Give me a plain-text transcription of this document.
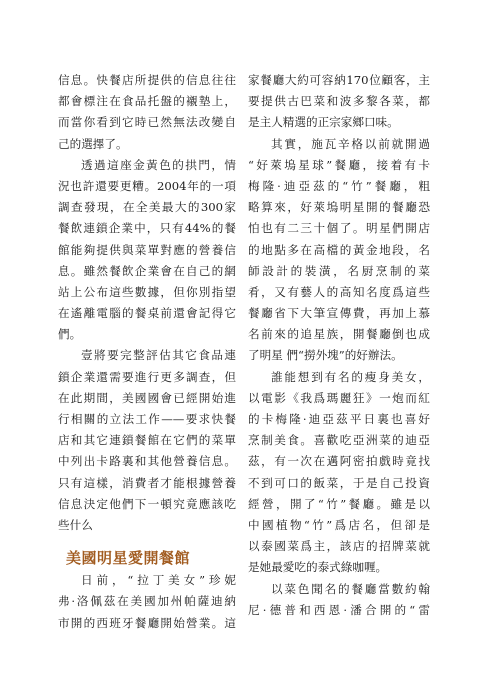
信息。快餐店所提供的信息往往
都會標注在食品托盤的襯墊上，
而當你看到它時已然無法改變自
己的選擇了。
透過這座金黃色的拱門，情
況也許還要更糟。2004年的一項
調查發現，在全美最大的300家
餐飲連鎖企業中，只有44%的餐
館能夠提供與菜單對應的營養信
息。雖然餐飲企業會在自己的網
站上公布這些數據，但你別指望
在遙離電腦的餐桌前還會記得它
們。
壹將要完整評估其它食品連
鎖企業還需要進行更多調查，但
在此期間，美國國會已經開始進
行相關的立法工作——要求快餐
店和其它連鎖餐館在它們的菜單
中列出卡路裏和其他營養信息。
只有這樣，消費者才能根據營養
信息決定他們下一頓究竟應該吃
些什么
美國明星愛開餐館
日前，“拉丁美女”珍妮
弗·洛佩茲在美國加州帕薩迪納
市開的西班牙餐廳開始營業。這
家餐廳大約可容納170位顧客，主
要提供古巴菜和波多黎各菜，都
是主人精選的正宗家鄉口味。
其實，施瓦辛格以前就開過
“好萊塢星球”餐廳，接着有卡
梅隆·迪亞茲的“竹”餐廳，粗
略算來，好萊塢明星開的餐廳恐
怕也有二三十個了。明星們開店
的地點多在高檔的黃金地段，名
師設計的裝潢，名厨烹制的菜
肴，又有藝人的高知名度爲這些
餐廳省下大筆宣傳費，再加上慕
名前來的追星族，開餐廳倒也成
了明星 們“撈外塊”的好辦法。
誰能想到有名的瘦身美女，
以電影《我爲瑪麗狂》一炮而紅
的卡梅隆·迪亞茲平日裏也喜好
烹制美食。喜歡吃亞洲菜的迪亞
茲，有一次在邁阿密拍戲時竟找
不到可口的飯菜，于是自己投資
經營，開了“竹”餐廳。雖是以
中國植物“竹”爲店名，但卻是
以泰國菜爲主，該店的招牌菜就
是她最愛吃的泰式綠咖喱。
以菜色聞名的餐廳當數約翰
尼·德普和西恩·潘合開的“雷
